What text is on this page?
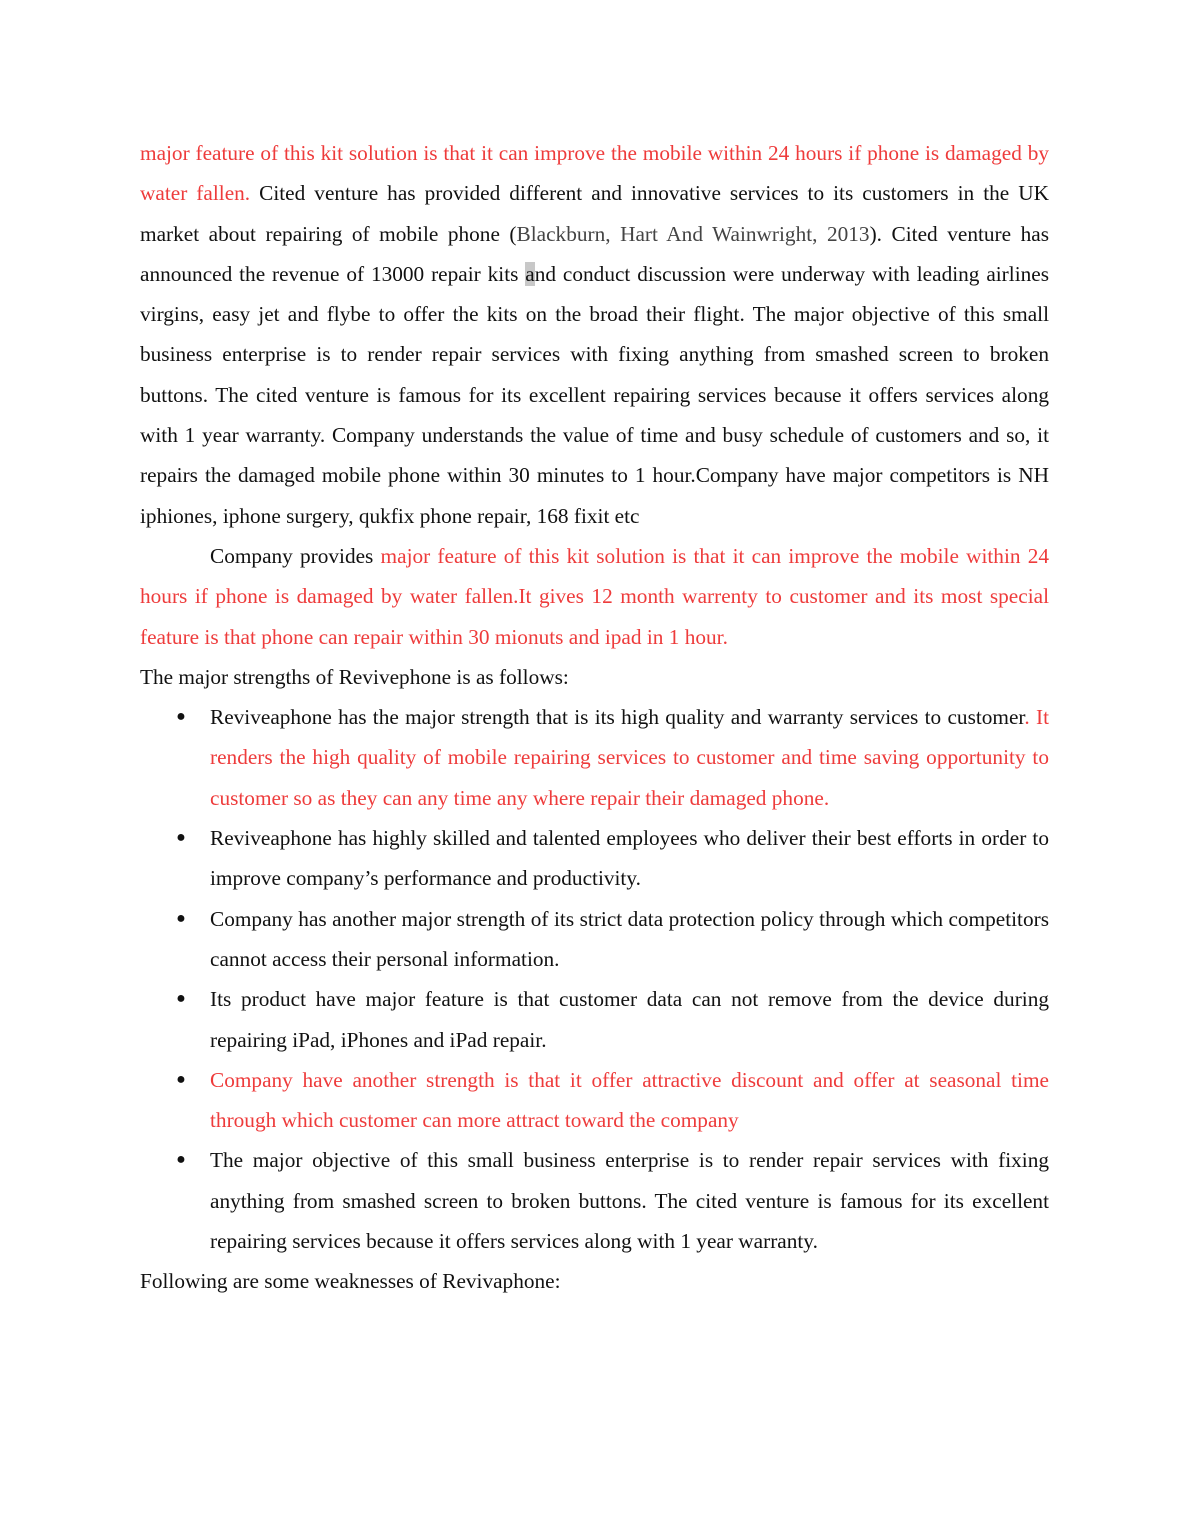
major feature of this kit solution is that it can improve the mobile within 24 hours if phone is damaged by water fallen. Cited venture has provided different and innovative services to its customers in the UK market about repairing of mobile phone (Blackburn, Hart And Wainwright, 2013). Cited venture has announced the revenue of 13000 repair kits and conduct discussion were underway with leading airlines virgins, easy jet and flybe to offer the kits on the broad their flight. The major objective of this small business enterprise is to render repair services with fixing anything from smashed screen to broken buttons. The cited venture is famous for its excellent repairing services because it offers services along with 1 year warranty. Company understands the value of time and busy schedule of customers and so, it repairs the damaged mobile phone within 30 minutes to 1 hour.Company have major competitors is NH iphiones, iphone surgery, qukfix phone repair, 168 fixit etc

Company provides major feature of this kit solution is that it can improve the mobile within 24 hours if phone is damaged by water fallen.It gives 12 month warrenty to customer and its most special feature is that phone can repair within 30 mionuts and ipad in 1 hour.

The major strengths of Revivephone is as follows:

● Reviveaphone has the major strength that is its high quality and warranty services to customer. It renders the high quality of mobile repairing services to customer and time saving opportunity to customer so as they can any time any where repair their damaged phone.
● Reviveaphone has highly skilled and talented employees who deliver their best efforts in order to improve company’s performance and productivity.
● Company has another major strength of its strict data protection policy through which competitors cannot access their personal information.
● Its product have major feature is that customer data can not remove from the device during repairing iPad, iPhones and iPad repair.
● Company have another strength is that it offer attractive discount and offer at seasonal time through which customer can more attract toward the company
● The major objective of this small business enterprise is to render repair services with fixing anything from smashed screen to broken buttons. The cited venture is famous for its excellent repairing services because it offers services along with 1 year warranty.

Following are some weaknesses of Revivaphone:
